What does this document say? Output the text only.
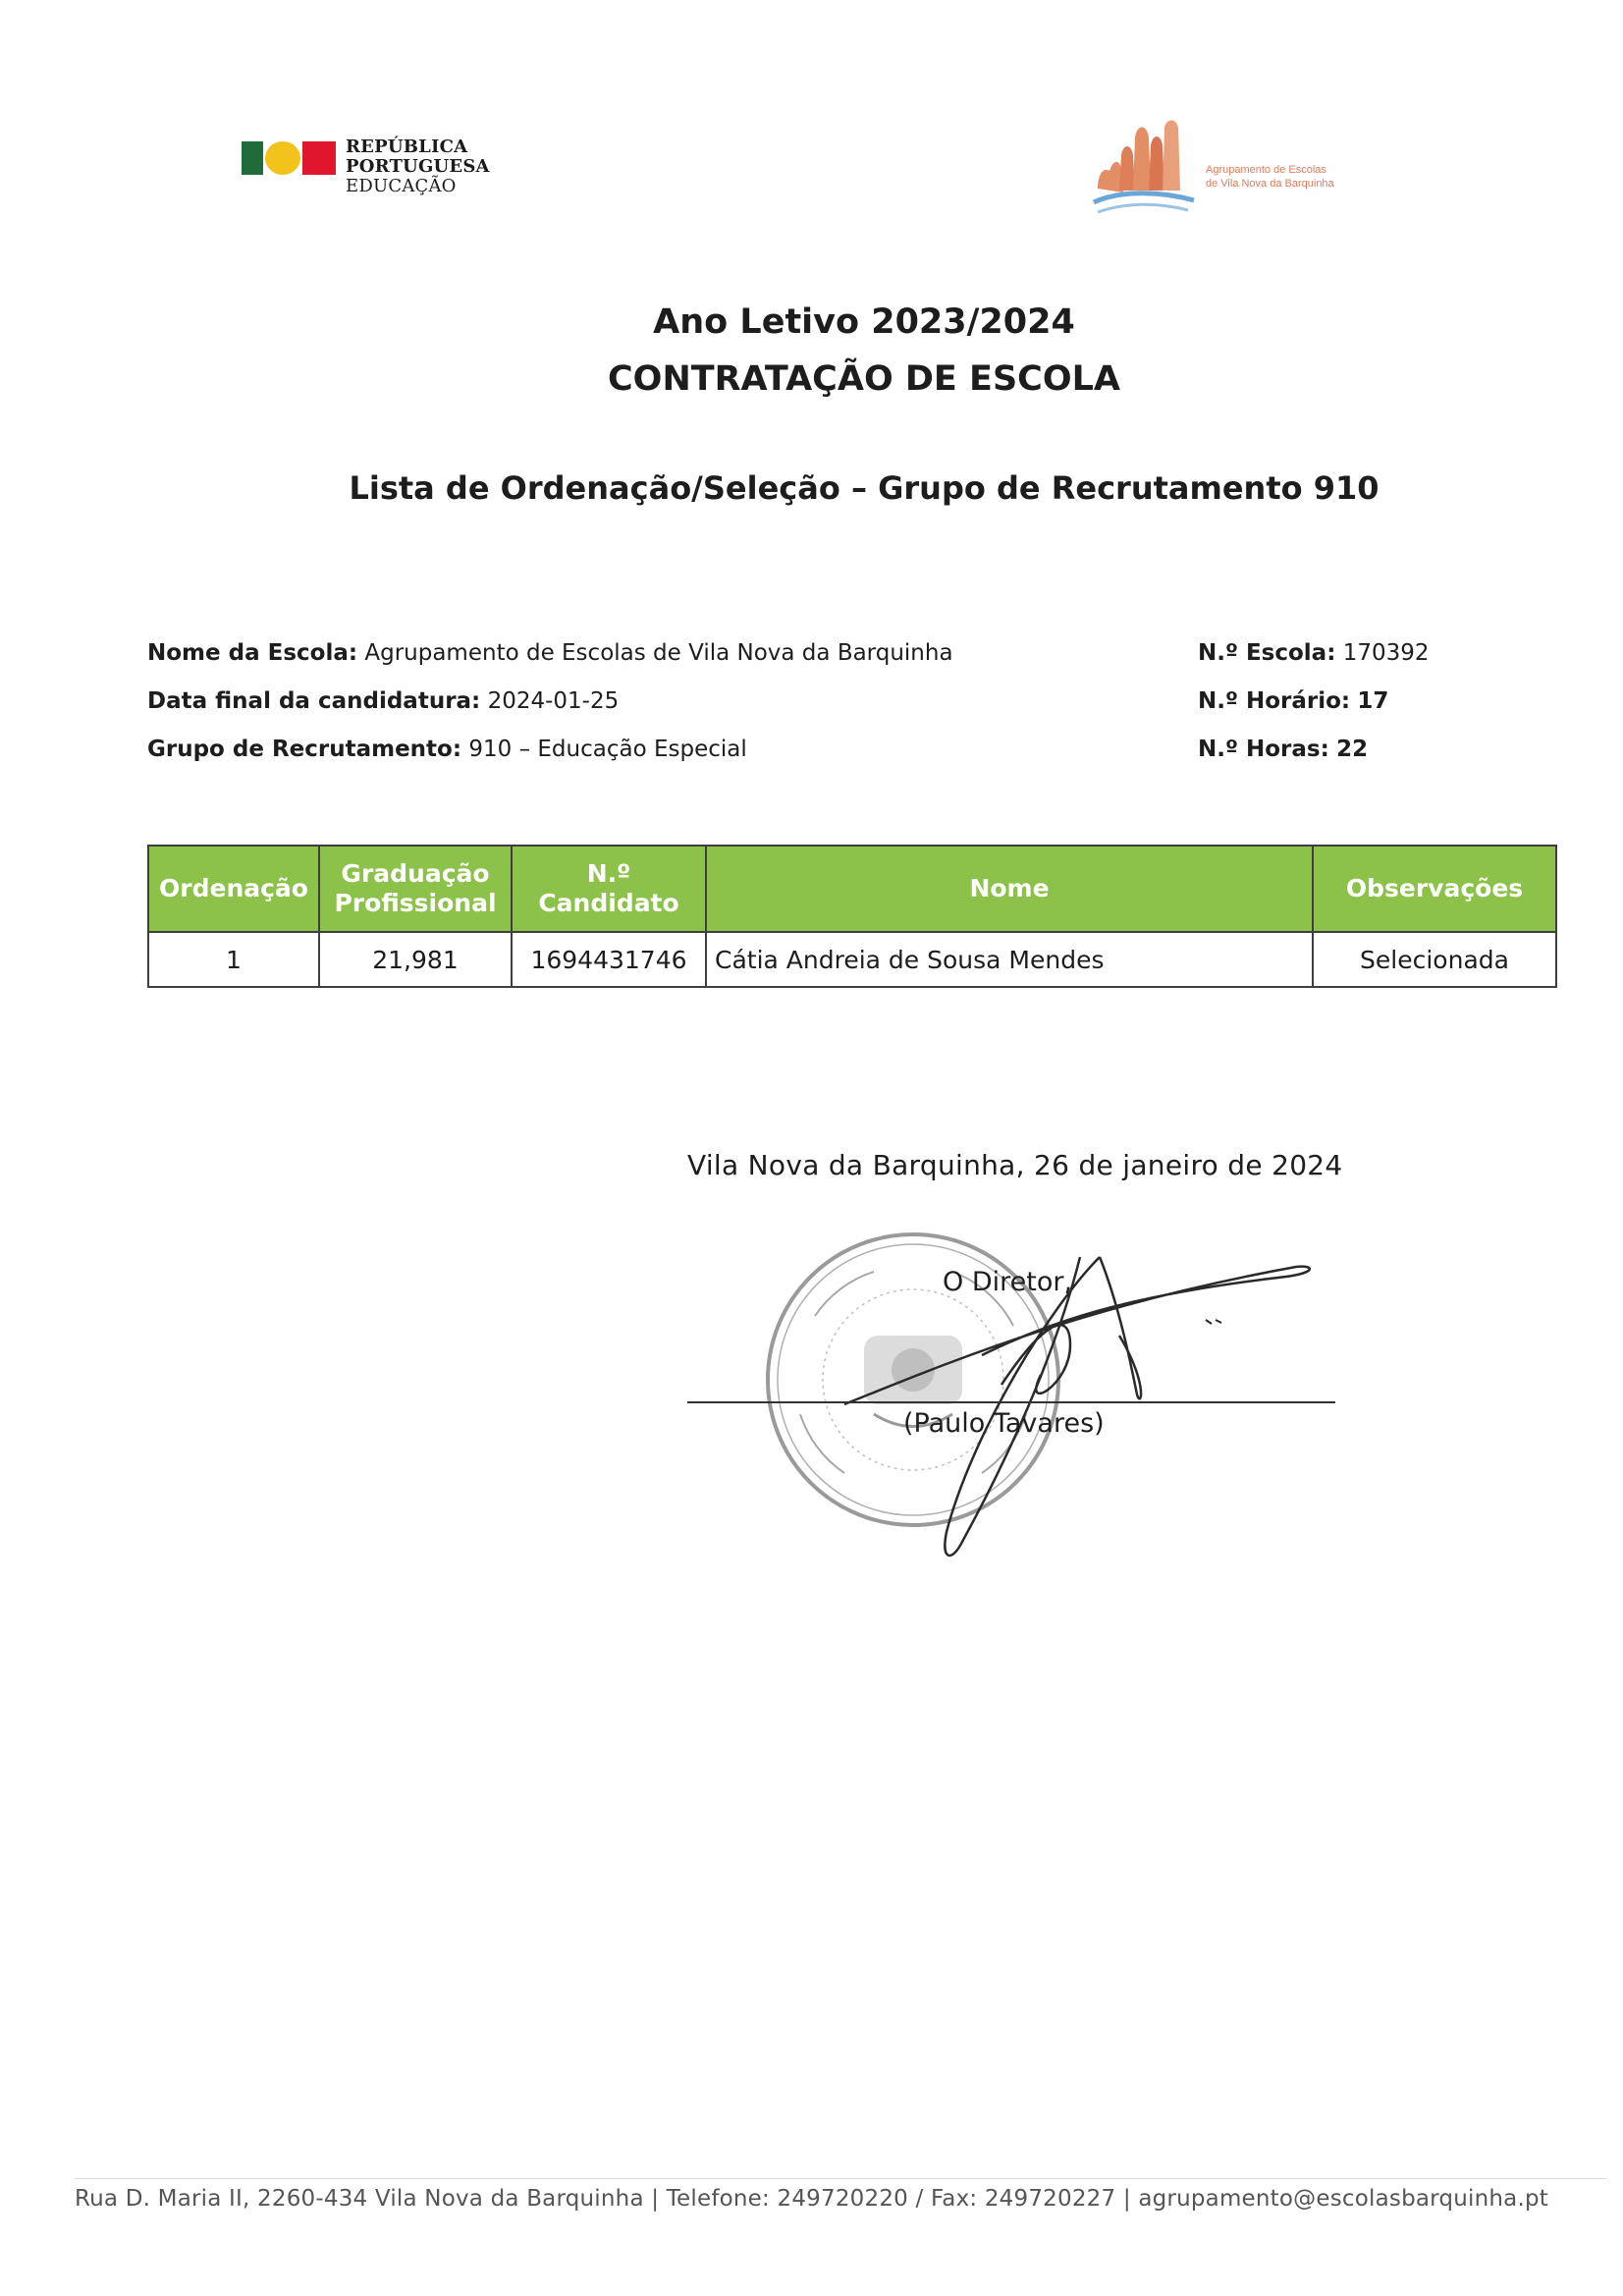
REPÚBLICA
PORTUGUESA
EDUCAÇÃO
Agrupamento de Escolas
de Vila Nova da Barquinha
Ano Letivo 2023/2024
CONTRATAÇÃO DE ESCOLA
Lista de Ordenação/Seleção – Grupo de Recrutamento 910
Nome da Escola: Agrupamento de Escolas de Vila Nova da Barquinha
Data final da candidatura: 2024-01-25
Grupo de Recrutamento: 910 – Educação Especial
N.º Escola: 170392
N.º Horário: 17
N.º Horas: 22
Ordenação	Graduação Profissional	N.º Candidato	Nome	Observações
1	21,981	1694431746	Cátia Andreia de Sousa Mendes	Selecionada
Vila Nova da Barquinha, 26 de janeiro de 2024
O Diretor,
(Paulo Tavares)
Rua D. Maria II, 2260-434 Vila Nova da Barquinha | Telefone: 249720220 / Fax: 249720227 | agrupamento@escolasbarquinha.pt
